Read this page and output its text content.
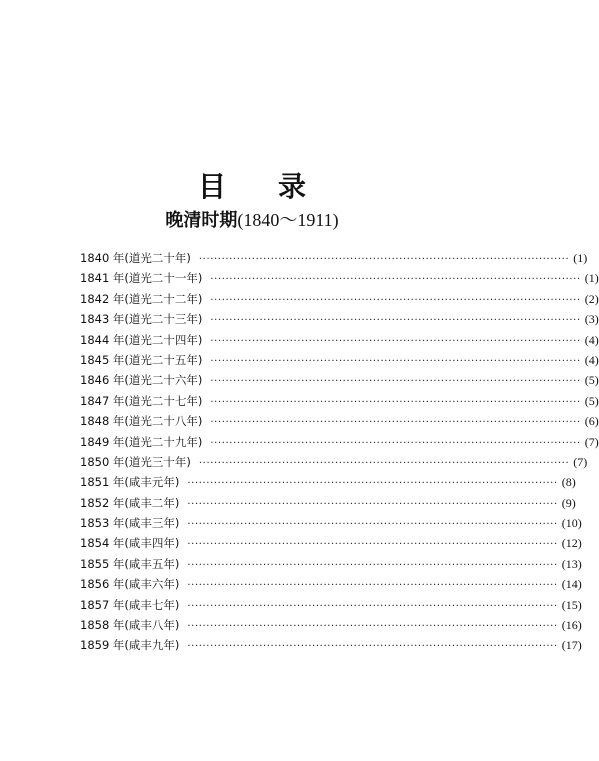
目录
晚清时期(1840～1911)
1840 年(道光二十年) ·································································································· (1)
1841 年(道光二十一年) ·································································································· (1)
1842 年(道光二十二年) ·································································································· (2)
1843 年(道光二十三年) ·································································································· (3)
1844 年(道光二十四年) ·································································································· (4)
1845 年(道光二十五年) ·································································································· (4)
1846 年(道光二十六年) ·································································································· (5)
1847 年(道光二十七年) ·································································································· (5)
1848 年(道光二十八年) ·································································································· (6)
1849 年(道光二十九年) ·································································································· (7)
1850 年(道光三十年) ·································································································· (7)
1851 年(咸丰元年) ·································································································· (8)
1852 年(咸丰二年) ·································································································· (9)
1853 年(咸丰三年) ·································································································· (10)
1854 年(咸丰四年) ·································································································· (12)
1855 年(咸丰五年) ·································································································· (13)
1856 年(咸丰六年) ·································································································· (14)
1857 年(咸丰七年) ·································································································· (15)
1858 年(咸丰八年) ·································································································· (16)
1859 年(咸丰九年) ·································································································· (17)
